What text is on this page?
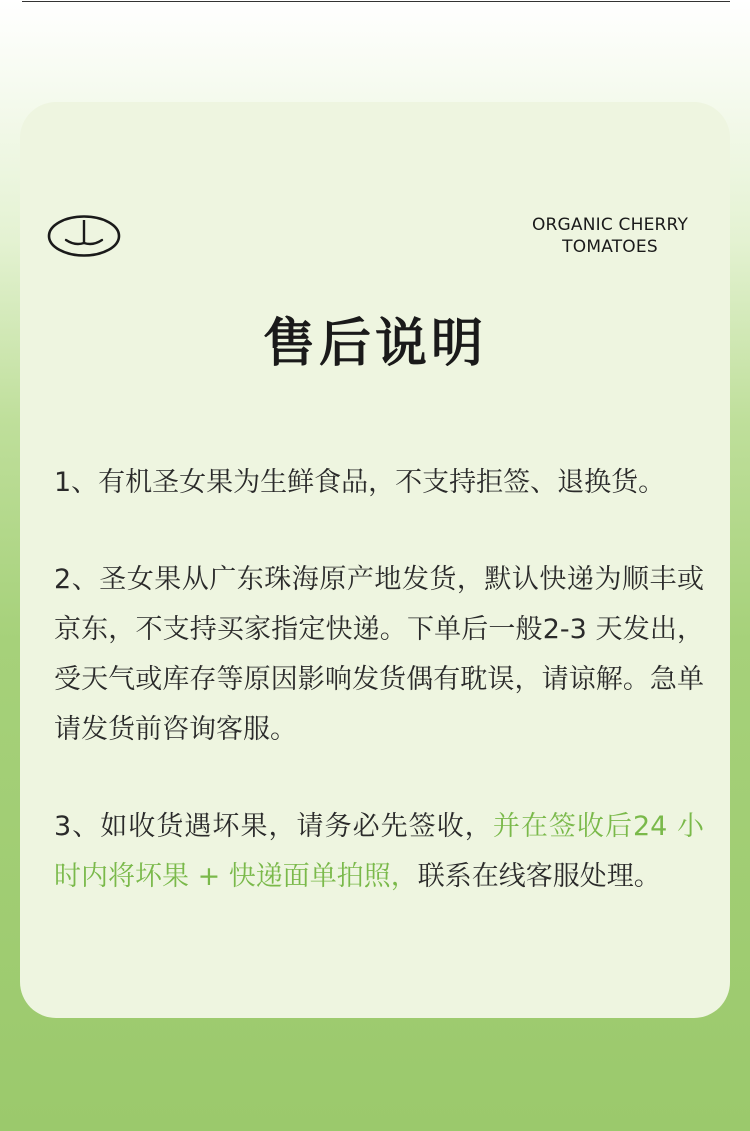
ORGANIC CHERRY
TOMATOES
售后说明
1、有机圣女果为生鲜食品，不支持拒签、退换货。
2、圣女果从广东珠海原产地发货，默认快递为顺丰或京东，不支持买家指定快递。下单后一般2-3 天发出，受天气或库存等原因影响发货偶有耽误，请谅解。急单请发货前咨询客服。
3、如收货遇坏果，请务必先签收，并在签收后24 小时内将坏果 + 快递面单拍照，联系在线客服处理。
